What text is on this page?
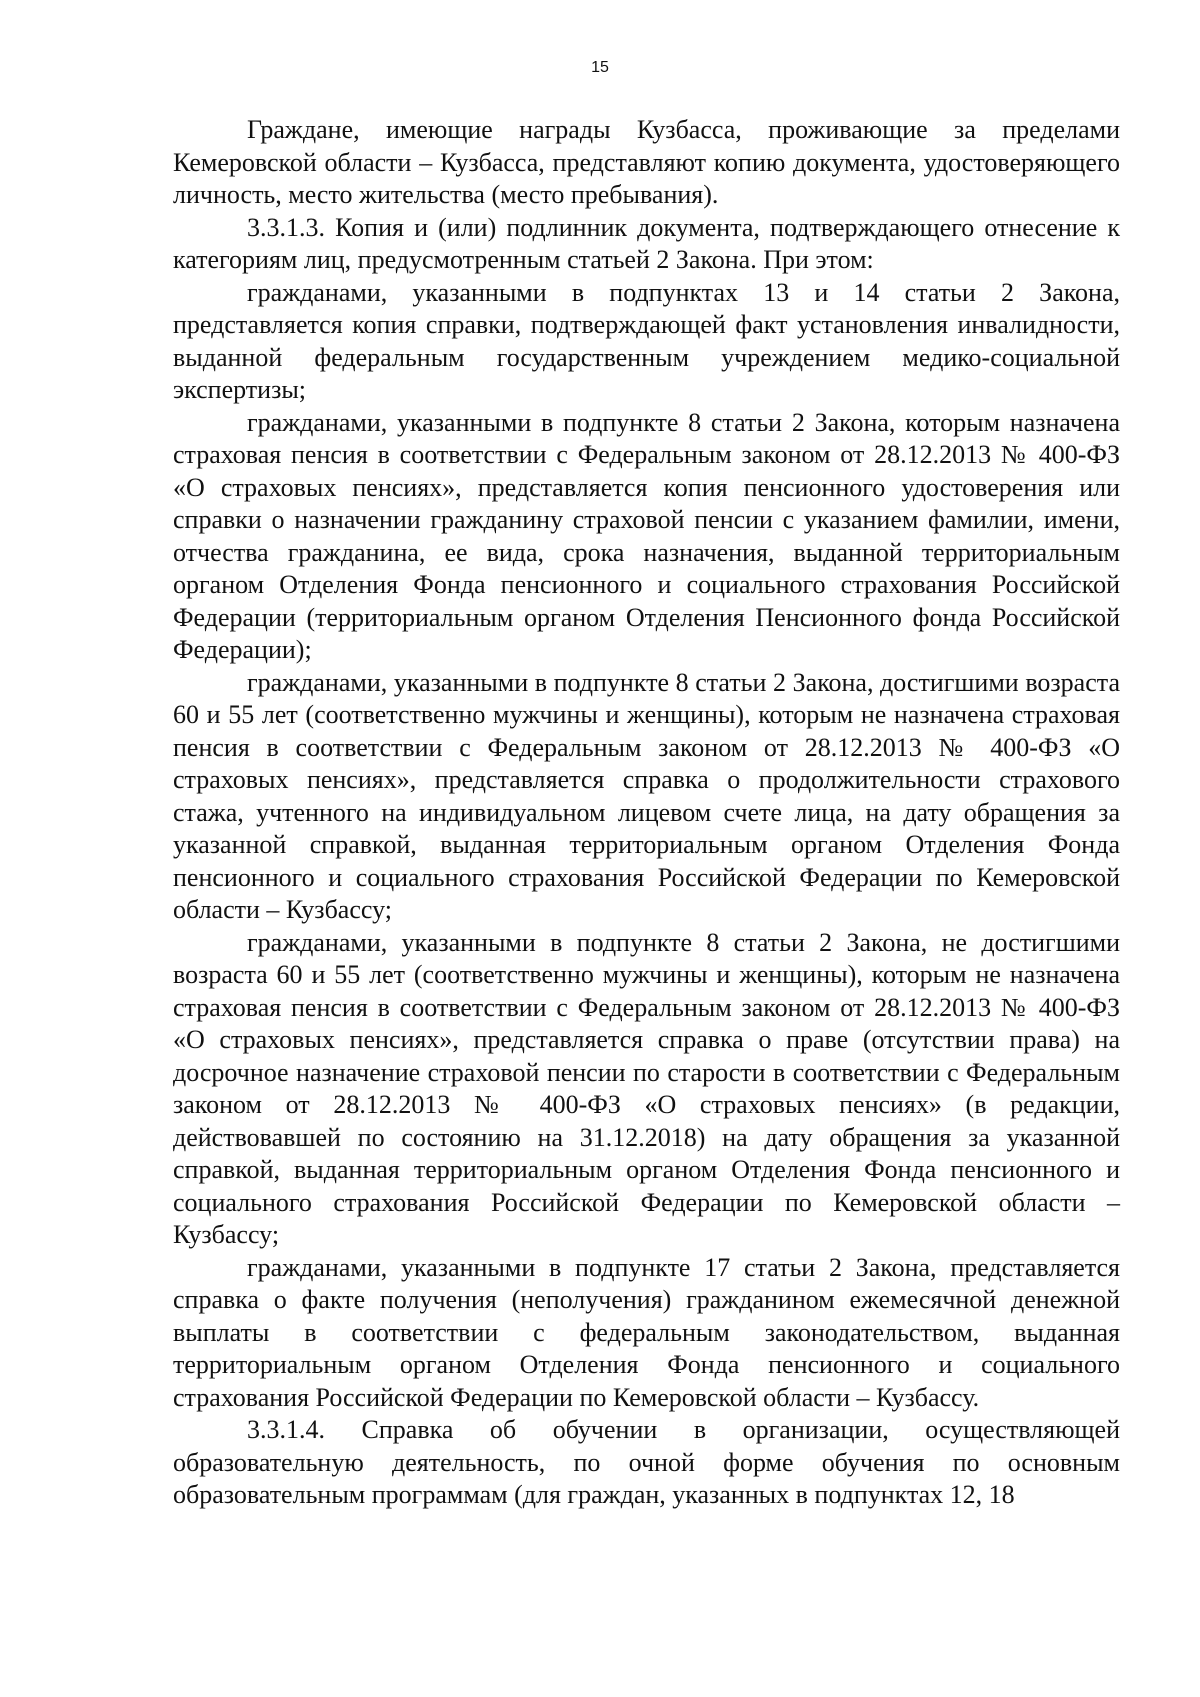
15

Граждане, имеющие награды Кузбасса, проживающие за пределами Кемеровской области – Кузбасса, представляют копию документа, удостоверяющего личность, место жительства (место пребывания).

3.3.1.3. Копия и (или) подлинник документа, подтверждающего отнесение к категориям лиц, предусмотренным статьей 2 Закона. При этом:

гражданами, указанными в подпунктах 13 и 14 статьи 2 Закона, представляется копия справки, подтверждающей факт установления инвалидности, выданной федеральным государственным учреждением медико-социальной экспертизы;

гражданами, указанными в подпункте 8 статьи 2 Закона, которым назначена страховая пенсия в соответствии с Федеральным законом от 28.12.2013 № 400-ФЗ «О страховых пенсиях», представляется копия пенсионного удостоверения или справки о назначении гражданину страховой пенсии с указанием фамилии, имени, отчества гражданина, ее вида, срока назначения, выданной территориальным органом Отделения Фонда пенсионного и социального страхования Российской Федерации (территориальным органом Отделения Пенсионного фонда Российской Федерации);

гражданами, указанными в подпункте 8 статьи 2 Закона, достигшими возраста 60 и 55 лет (соответственно мужчины и женщины), которым не назначена страховая пенсия в соответствии с Федеральным законом от 28.12.2013 № 400-ФЗ «О страховых пенсиях», представляется справка о продолжительности страхового стажа, учтенного на индивидуальном лицевом счете лица, на дату обращения за указанной справкой, выданная территориальным органом Отделения Фонда пенсионного и социального страхования Российской Федерации по Кемеровской области – Кузбассу;

гражданами, указанными в подпункте 8 статьи 2 Закона, не достигшими возраста 60 и 55 лет (соответственно мужчины и женщины), которым не назначена страховая пенсия в соответствии с Федеральным законом от 28.12.2013 № 400-ФЗ «О страховых пенсиях», представляется справка о праве (отсутствии права) на досрочное назначение страховой пенсии по старости в соответствии с Федеральным законом от 28.12.2013 № 400-ФЗ «О страховых пенсиях» (в редакции, действовавшей по состоянию на 31.12.2018) на дату обращения за указанной справкой, выданная территориальным органом Отделения Фонда пенсионного и социального страхования Российской Федерации по Кемеровской области – Кузбассу;

гражданами, указанными в подпункте 17 статьи 2 Закона, представляется справка о факте получения (неполучения) гражданином ежемесячной денежной выплаты в соответствии с федеральным законодательством, выданная территориальным органом Отделения Фонда пенсионного и социального страхования Российской Федерации по Кемеровской области – Кузбассу.

3.3.1.4. Справка об обучении в организации, осуществляющей образовательную деятельность, по очной форме обучения по основным образовательным программам (для граждан, указанных в подпунктах 12, 18
